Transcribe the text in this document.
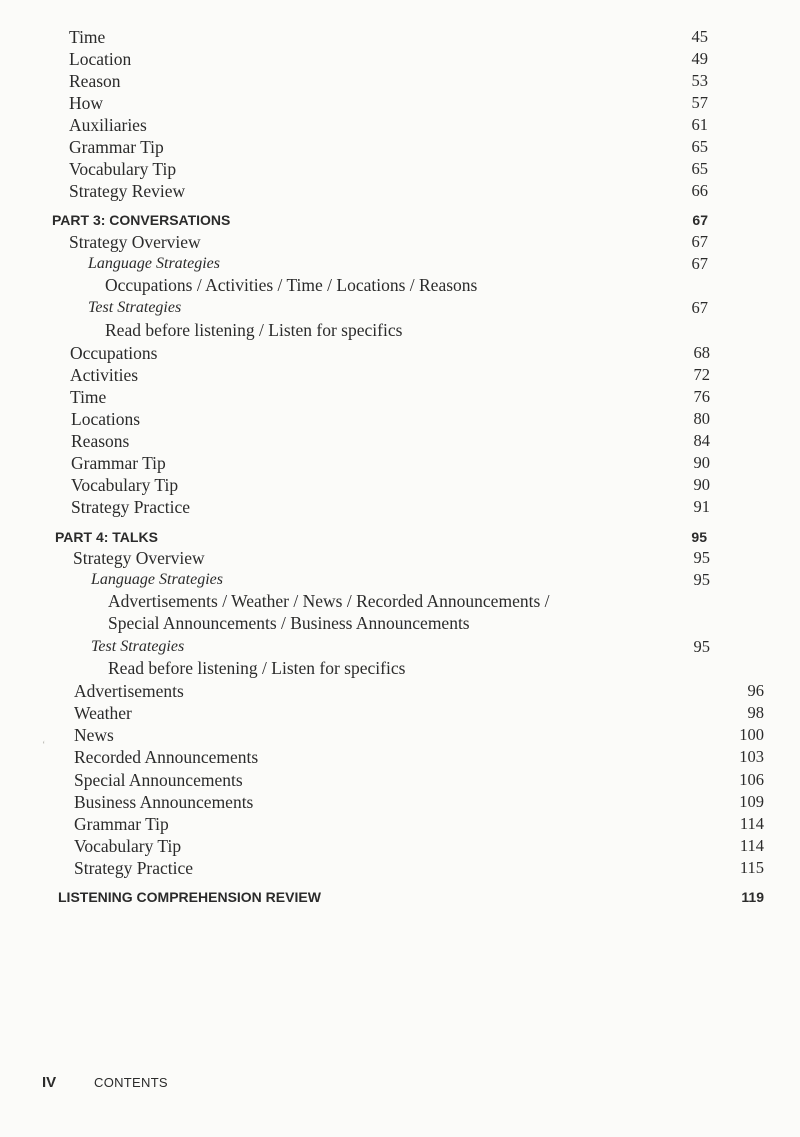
Time	45
Location	49
Reason	53
How	57
Auxiliaries	61
Grammar Tip	65
Vocabulary Tip	65
Strategy Review	66
PART 3: CONVERSATIONS	67
Strategy Overview	67
Language Strategies	67
Occupations / Activities / Time / Locations / Reasons
Test Strategies	67
Read before listening / Listen for specifics
Occupations	68
Activities	72
Time	76
Locations	80
Reasons	84
Grammar Tip	90
Vocabulary Tip	90
Strategy Practice	91
PART 4: TALKS	95
Strategy Overview	95
Language Strategies	95
Advertisements / Weather / News / Recorded Announcements /
Special Announcements / Business Announcements
Test Strategies	95
Read before listening / Listen for specifics
Advertisements	96
Weather	98
News	100
Recorded Announcements	103
Special Announcements	106
Business Announcements	109
Grammar Tip	114
Vocabulary Tip	114
Strategy Practice	115
LISTENING COMPREHENSION REVIEW	119
ʻ
IV	CONTENTS
